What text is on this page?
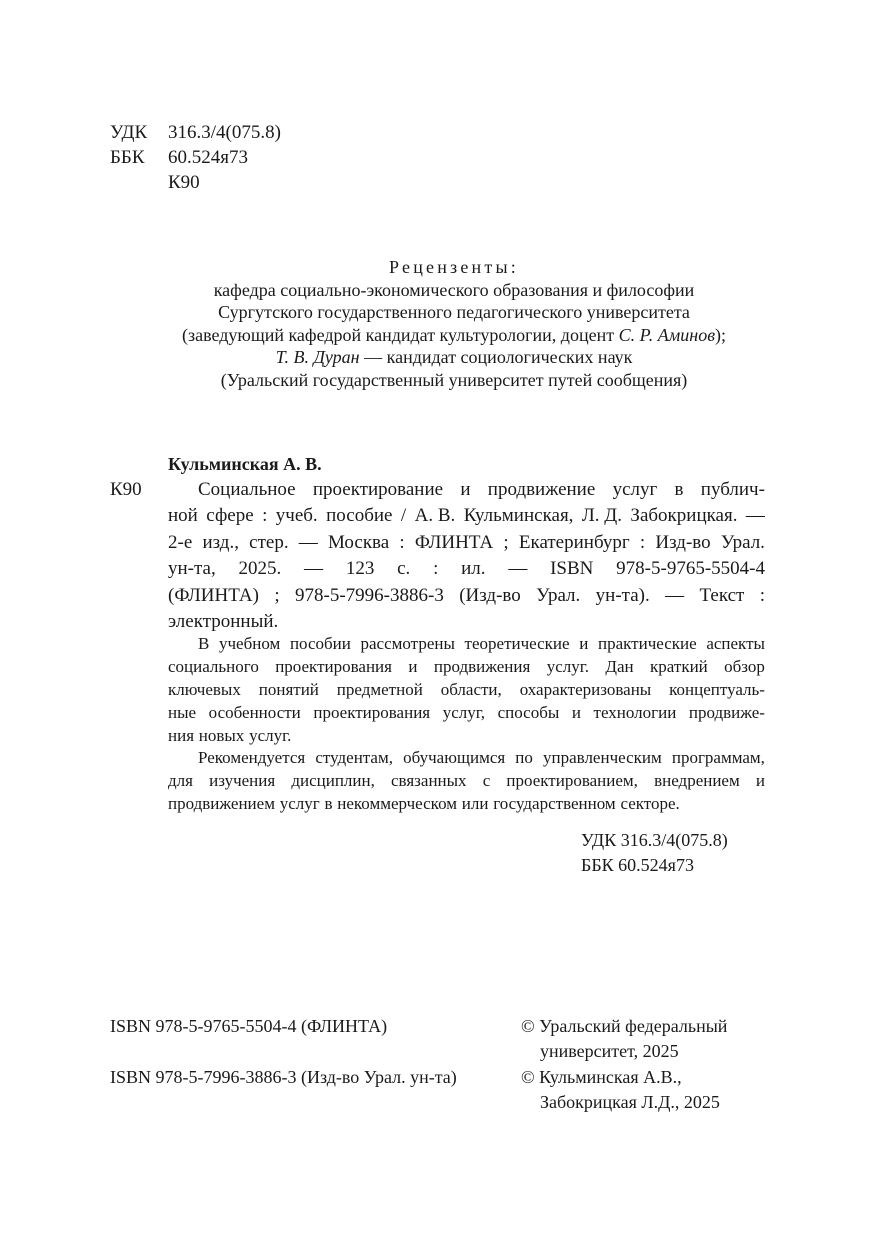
УДК 316.3/4(075.8)
ББК 60.524я73
К90
Рецензенты:
кафедра социально-экономического образования и философии
Сургутского государственного педагогического университета
(заведующий кафедрой кандидат культурологии, доцент С. Р. Аминов);
Т. В. Дуран — кандидат социологических наук
(Уральский государственный университет путей сообщения)
Кульминская А. В.
К90	Социальное проектирование и продвижение услуг в публич-
ной сфере : учеб. пособие / А. В. Кульминская, Л. Д. Забокрицкая. —
2-е изд., стер. — Москва : ФЛИНТА ; Екатеринбург : Изд-во Урал.
ун-та, 2025. — 123 с. : ил. — ISBN 978-5-9765-5504-4
(ФЛИНТА) ; 978-5-7996-3886-3 (Изд-во Урал. ун-та). — Текст :
электронный.
В учебном пособии рассмотрены теоретические и практические аспекты
социального проектирования и продвижения услуг. Дан краткий обзор
ключевых понятий предметной области, охарактеризованы концептуаль-
ные особенности проектирования услуг, способы и технологии продвиже-
ния новых услуг.
Рекомендуется студентам, обучающимся по управленческим программам,
для изучения дисциплин, связанных с проектированием, внедрением и
продвижением услуг в некоммерческом или государственном секторе.
УДК 316.3/4(075.8)
ББК 60.524я73
ISBN 978-5-9765-5504-4 (ФЛИНТА)	© Уральский федеральный
университет, 2025
ISBN 978-5-7996-3886-3 (Изд-во Урал. ун-та)	© Кульминская А.В.,
Забокрицкая Л.Д., 2025
